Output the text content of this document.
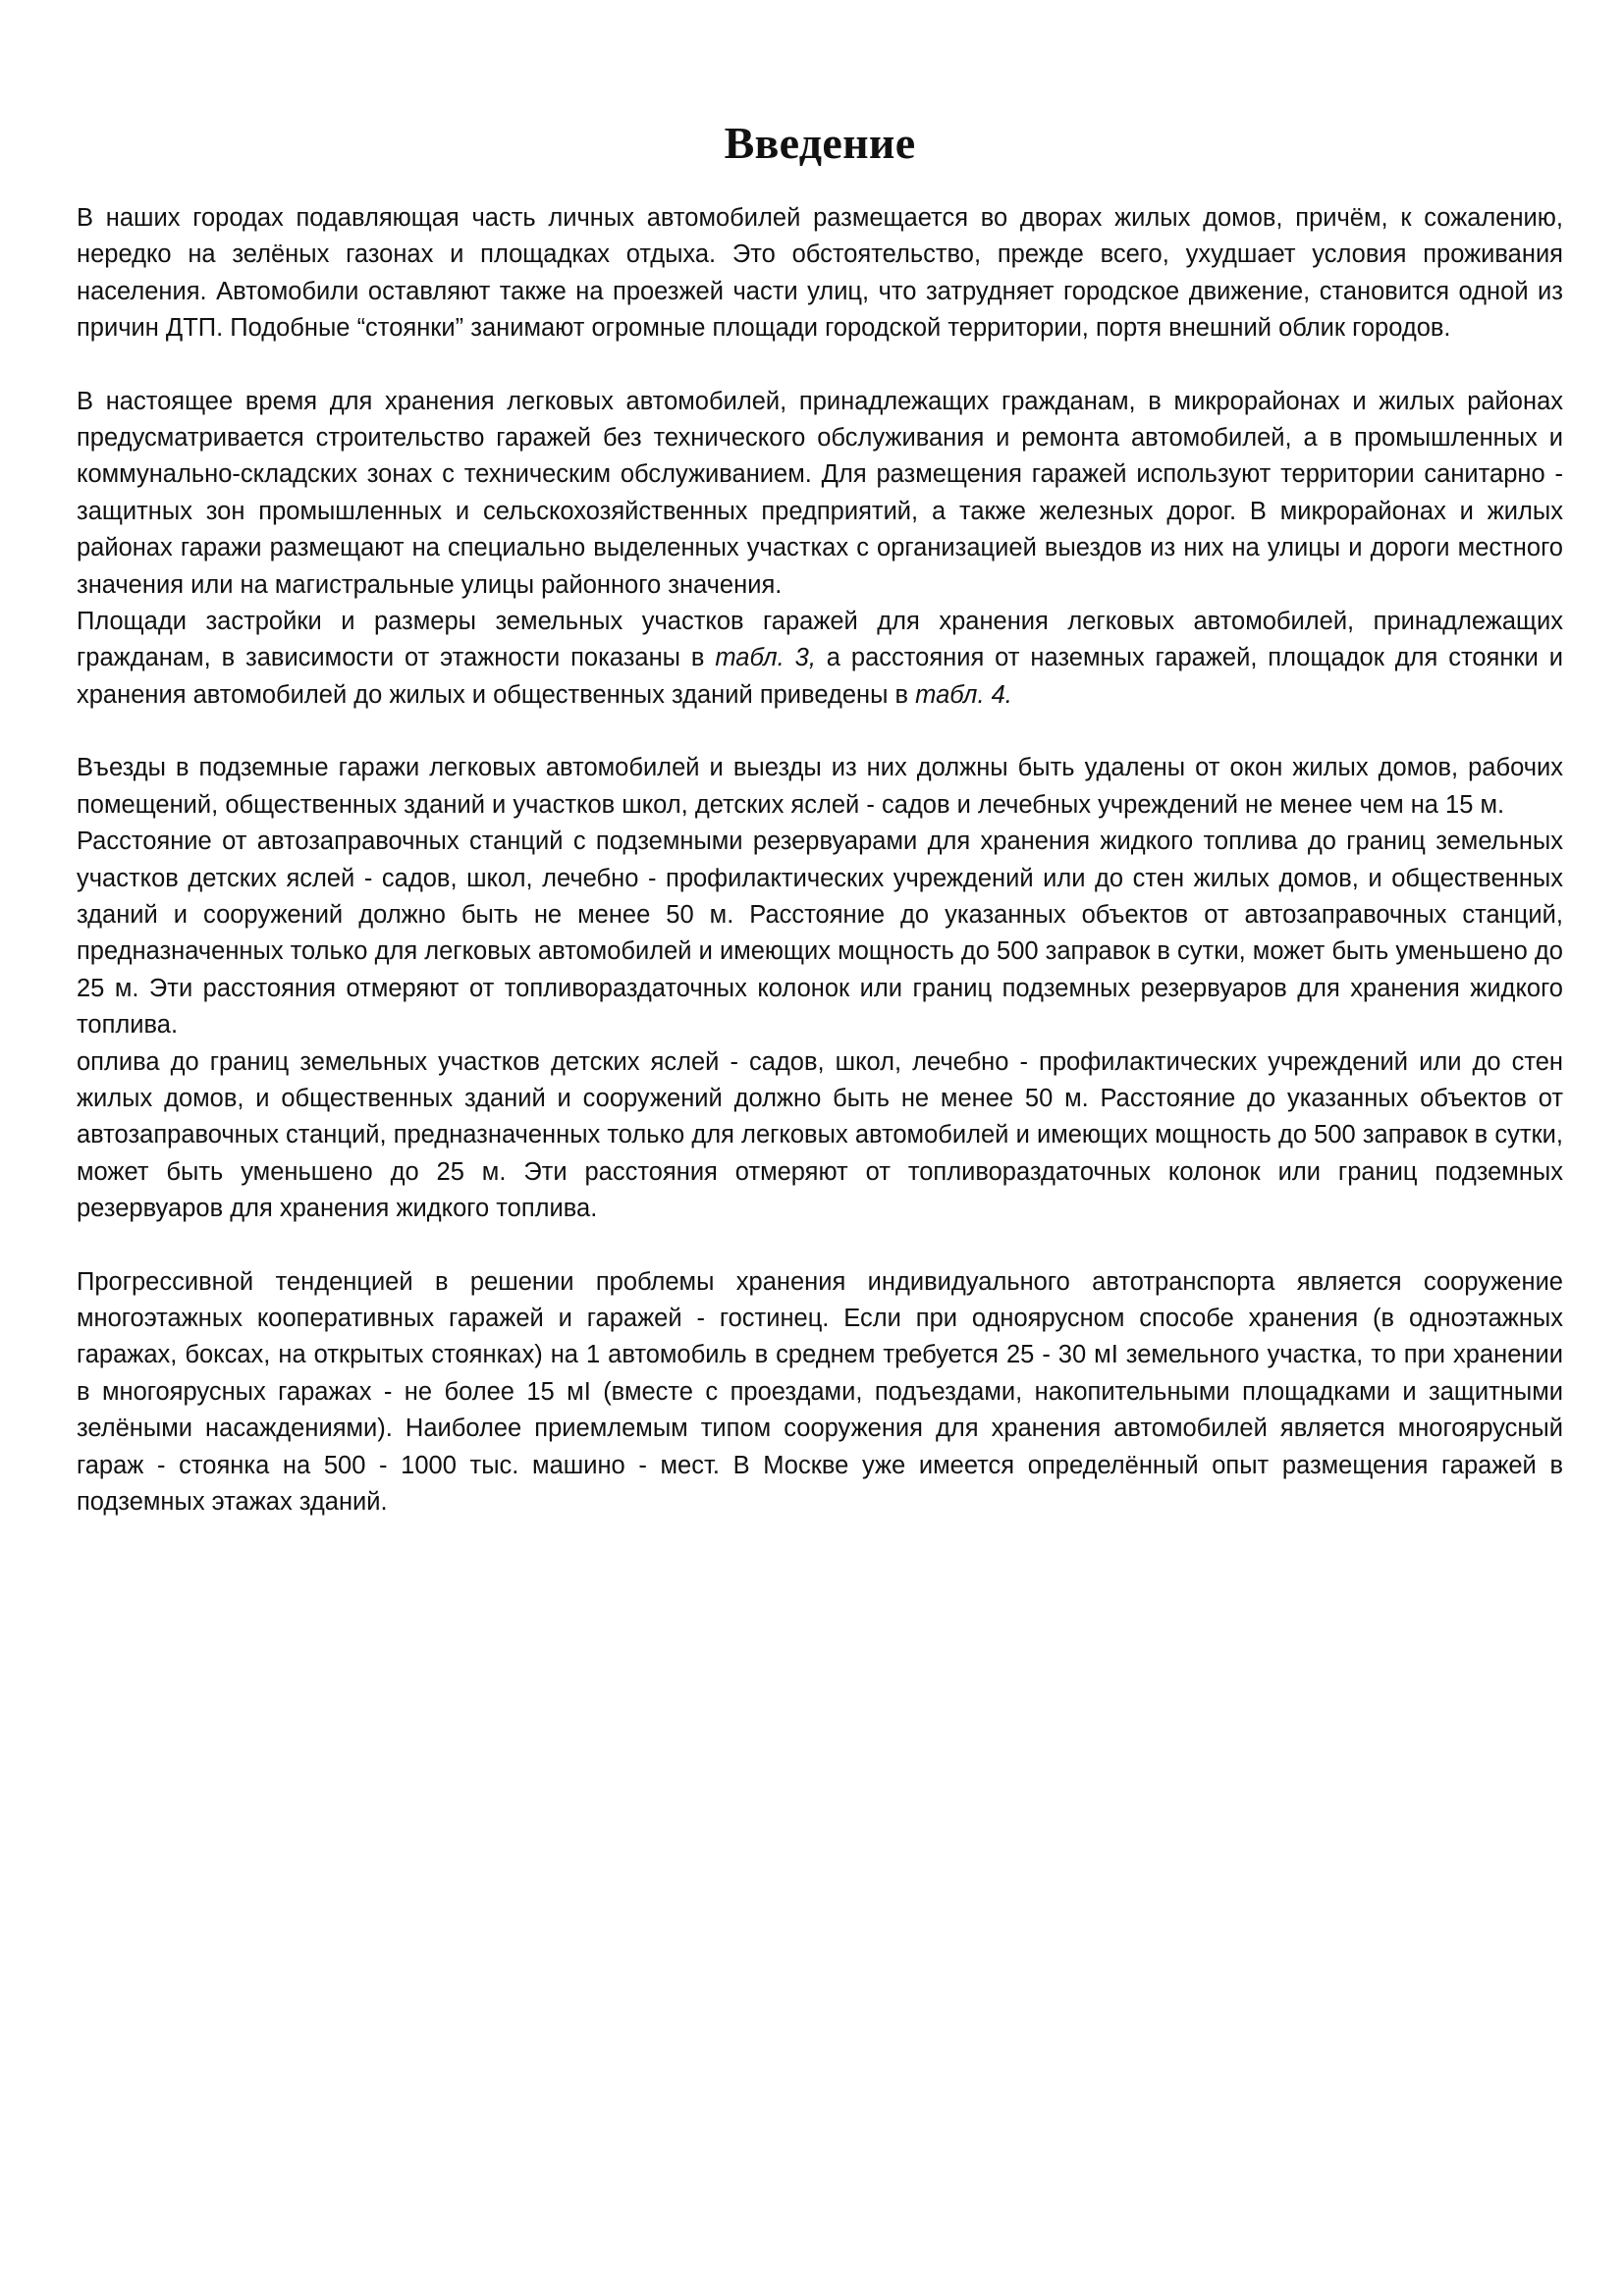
Введение

В наших городах подавляющая часть личных автомобилей размещается во дворах жилых домов, причём, к сожалению, нередко на зелёных газонах и площадках отдыха. Это обстоятельство, прежде всего, ухудшает условия проживания населения. Автомобили оставляют также на проезжей части улиц, что затрудняет городское движение, становится одной из причин ДТП. Подобные “стоянки” занимают огромные площади городской территории, портя внешний облик городов.

В настоящее время для хранения легковых автомобилей, принадлежащих гражданам, в микрорайонах и жилых районах предусматривается строительство гаражей без технического обслуживания и ремонта автомобилей, а в промышленных и коммунально-складских зонах с техническим обслуживанием. Для размещения гаражей используют территории санитарно - защитных зон промышленных и сельскохозяйственных предприятий, а также железных дорог. В микрорайонах и жилых районах гаражи размещают на специально выделенных участках с организацией выездов из них на улицы и дороги местного значения или на магистральные улицы районного значения.

Площади застройки и размеры земельных участков гаражей для хранения легковых автомобилей, принадлежащих гражданам, в зависимости от этажности показаны в табл. 3, а расстояния от наземных гаражей, площадок для стоянки и хранения автомобилей до жилых и общественных зданий приведены в табл. 4.

Въезды в подземные гаражи легковых автомобилей и выезды из них должны быть удалены от окон жилых домов, рабочих помещений, общественных зданий и участков школ, детских яслей - садов и лечебных учреждений не менее чем на 15 м.

Расстояние от автозаправочных станций с подземными резервуарами для хранения жидкого топлива до границ земельных участков детских яслей - садов, школ, лечебно - профилактических учреждений или до стен жилых домов, и общественных зданий и сооружений должно быть не менее 50 м. Расстояние до указанных объектов от автозаправочных станций, предназначенных только для легковых автомобилей и имеющих мощность до 500 заправок в сутки, может быть уменьшено до 25 м. Эти расстояния отмеряют от топливораздаточных колонок или границ подземных резервуаров для хранения жидкого топлива.

оплива до границ земельных участков детских яслей - садов, школ, лечебно - профилактических учреждений или до стен жилых домов, и общественных зданий и сооружений должно быть не менее 50 м. Расстояние до указанных объектов от автозаправочных станций, предназначенных только для легковых автомобилей и имеющих мощность до 500 заправок в сутки, может быть уменьшено до 25 м. Эти расстояния отмеряют от топливораздаточных колонок или границ подземных резервуаров для хранения жидкого топлива.

Прогрессивной тенденцией в решении проблемы хранения индивидуального автотранспорта является сооружение многоэтажных кооперативных гаражей и гаражей - гостинец. Если при одноярусном способе хранения (в одноэтажных гаражах, боксах, на открытых стоянках) на 1 автомобиль в среднем требуется 25 - 30 мІ земельного участка, то при хранении в многоярусных гаражах - не более 15 мІ (вместе с проездами, подъездами, накопительными площадками и защитными зелёными насаждениями). Наиболее приемлемым типом сооружения для хранения автомобилей является многоярусный гараж - стоянка на 500 - 1000 тыс. машино - мест. В Москве уже имеется определённый опыт размещения гаражей в подземных этажах зданий.
